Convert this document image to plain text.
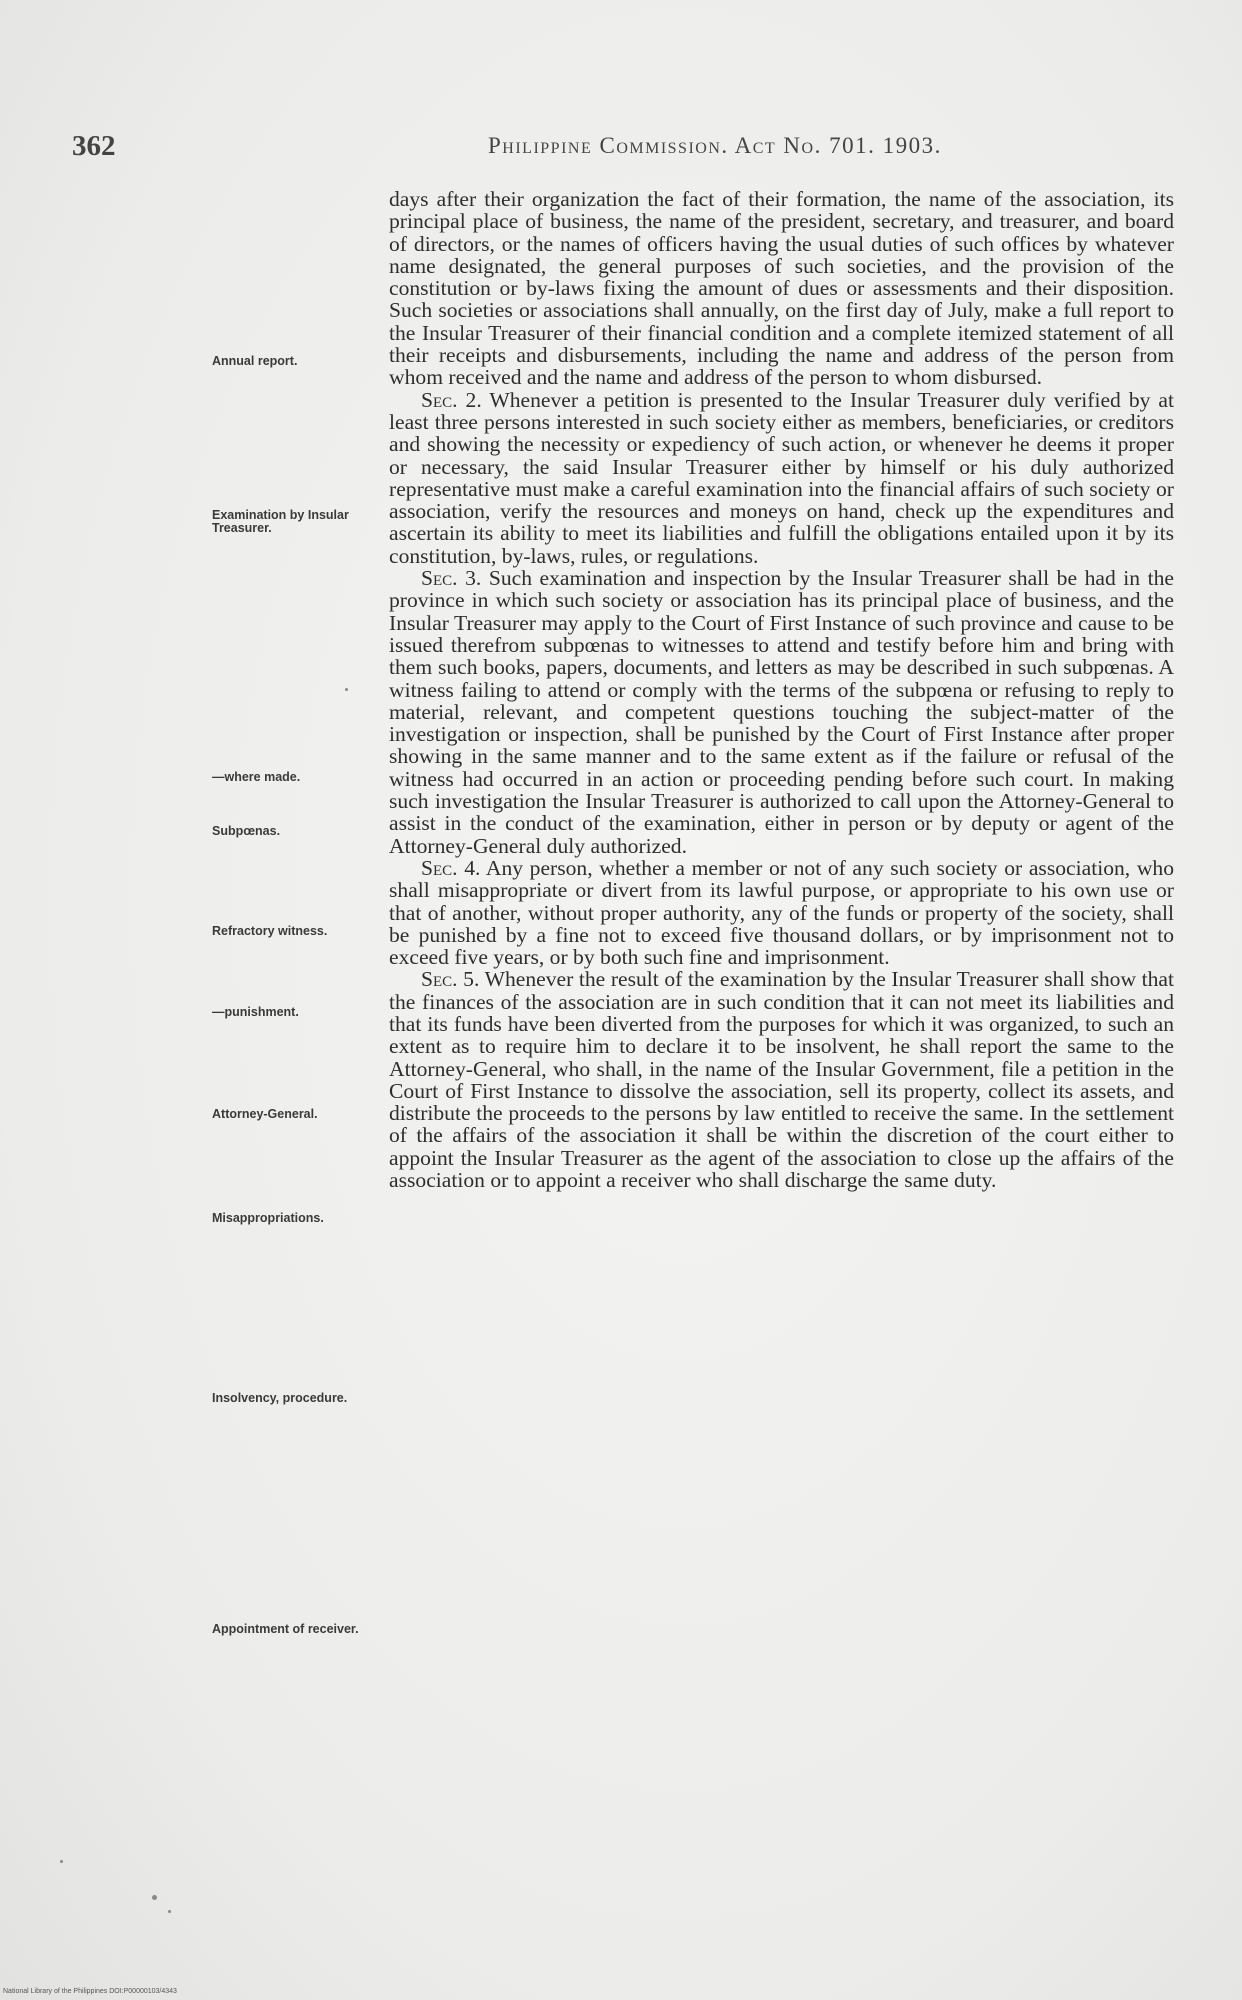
362	Philippine Commission. Act No. 701. 1903.
Annual report.
Examination by Insular Treasurer.
—where made.
Subpœnas.
Refractory witness.
—punishment.
Attorney-General.
Misappropriations.
Insolvency, procedure.
Appointment of receiver.

days after their organization the fact of their formation, the name of the association, its principal place of business, the name of the president, secretary, and treasurer, and board of directors, or the names of officers having the usual duties of such offices by whatever name designated, the general purposes of such societies, and the provision of the constitution or by-laws fixing the amount of dues or assessments and their disposition. Such societies or associations shall annually, on the first day of July, make a full report to the Insular Treasurer of their financial condition and a complete itemized statement of all their receipts and disbursements, including the name and address of the person from whom received and the name and address of the person to whom disbursed.

Sec. 2. Whenever a petition is presented to the Insular Treasurer duly verified by at least three persons interested in such society either as members, beneficiaries, or creditors and showing the necessity or expediency of such action, or whenever he deems it proper or necessary, the said Insular Treasurer either by himself or his duly authorized representative must make a careful examination into the financial affairs of such society or association, verify the resources and moneys on hand, check up the expenditures and ascertain its ability to meet its liabilities and fulfill the obligations entailed upon it by its constitution, by-laws, rules, or regulations.

Sec. 3. Such examination and inspection by the Insular Treasurer shall be had in the province in which such society or association has its principal place of business, and the Insular Treasurer may apply to the Court of First Instance of such province and cause to be issued therefrom subpœnas to witnesses to attend and testify before him and bring with them such books, papers, documents, and letters as may be described in such subpœnas. A witness failing to attend or comply with the terms of the subpœna or refusing to reply to material, relevant, and competent questions touching the subject-matter of the investigation or inspection, shall be punished by the Court of First Instance after proper showing in the same manner and to the same extent as if the failure or refusal of the witness had occurred in an action or proceeding pending before such court. In making such investigation the Insular Treasurer is authorized to call upon the Attorney-General to assist in the conduct of the examination, either in person or by deputy or agent of the Attorney-General duly authorized.

Sec. 4. Any person, whether a member or not of any such society or association, who shall misappropriate or divert from its lawful purpose, or appropriate to his own use or that of another, without proper authority, any of the funds or property of the society, shall be punished by a fine not to exceed five thousand dollars, or by imprisonment not to exceed five years, or by both such fine and imprisonment.

Sec. 5. Whenever the result of the examination by the Insular Treasurer shall show that the finances of the association are in such condition that it can not meet its liabilities and that its funds have been diverted from the purposes for which it was organized, to such an extent as to require him to declare it to be insolvent, he shall report the same to the Attorney-General, who shall, in the name of the Insular Government, file a petition in the Court of First Instance to dissolve the association, sell its property, collect its assets, and distribute the proceeds to the persons by law entitled to receive the same. In the settlement of the affairs of the association it shall be within the discretion of the court either to appoint the Insular Treasurer as the agent of the association to close up the affairs of the association or to appoint a receiver who shall discharge the same duty.

National Library of the Philippines DOI:P00000103/4343
